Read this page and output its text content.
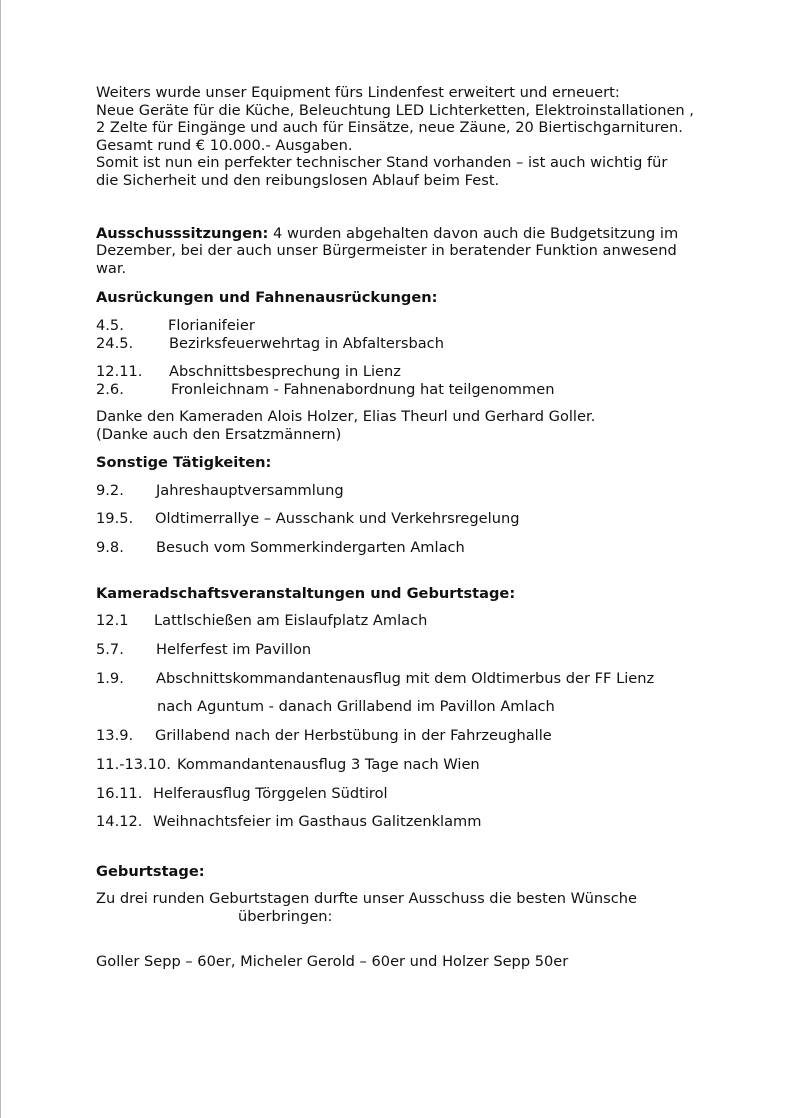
Weiters wurde unser Equipment fürs Lindenfest erweitert und erneuert:

Neue Geräte für die Küche, Beleuchtung LED Lichterketten, Elektroinstallationen ,

2 Zelte für Eingänge und auch für Einsätze, neue Zäune, 20 Biertischgarnituren.

Gesamt rund € 10.000.- Ausgaben.

Somit ist nun ein perfekter technischer Stand vorhanden – ist auch wichtig für

die Sicherheit und den reibungslosen Ablauf beim Fest.

Ausschusssitzungen: 4 wurden abgehalten davon auch die Budgetsitzung im

Dezember, bei der auch unser Bürgermeister in beratender Funktion anwesend

war.

Ausrückungen und Fahnenausrückungen:

4.5.	Florianifeier
24.5. Bezirksfeuerwehrtag in Abfaltersbach
12.11. Abschnittsbesprechung in Lienz
2.6.	Fronleichnam - Fahnenabordnung hat teilgenommen

Danke den Kameraden Alois Holzer, Elias Theurl und Gerhard Goller.

(Danke auch den Ersatzmännern)

Sonstige Tätigkeiten:

9.2. Jahreshauptversammlung
19.5. Oldtimerrallye – Ausschank und Verkehrsregelung
9.8. Besuch vom Sommerkindergarten Amlach

Kameradschaftsveranstaltungen und Geburtstage:

12.1 Lattlschießen am Eislaufplatz Amlach
5.7. Helferfest im Pavillon
1.9. Abschnittskommandantenausflug mit dem Oldtimerbus der FF Lienz
nach Aguntum - danach Grillabend im Pavillon Amlach
13.9. Grillabend nach der Herbstübung in der Fahrzeughalle
11.-13.10. Kommandantenausflug 3 Tage nach Wien
16.11. Helferausflug Törggelen Südtirol
14.12. Weihnachtsfeier im Gasthaus Galitzenklamm

Geburtstage:

Zu drei runden Geburtstagen durfte unser Ausschuss die besten Wünsche

überbringen:

Goller Sepp – 60er, Micheler Gerold – 60er und Holzer Sepp 50er
